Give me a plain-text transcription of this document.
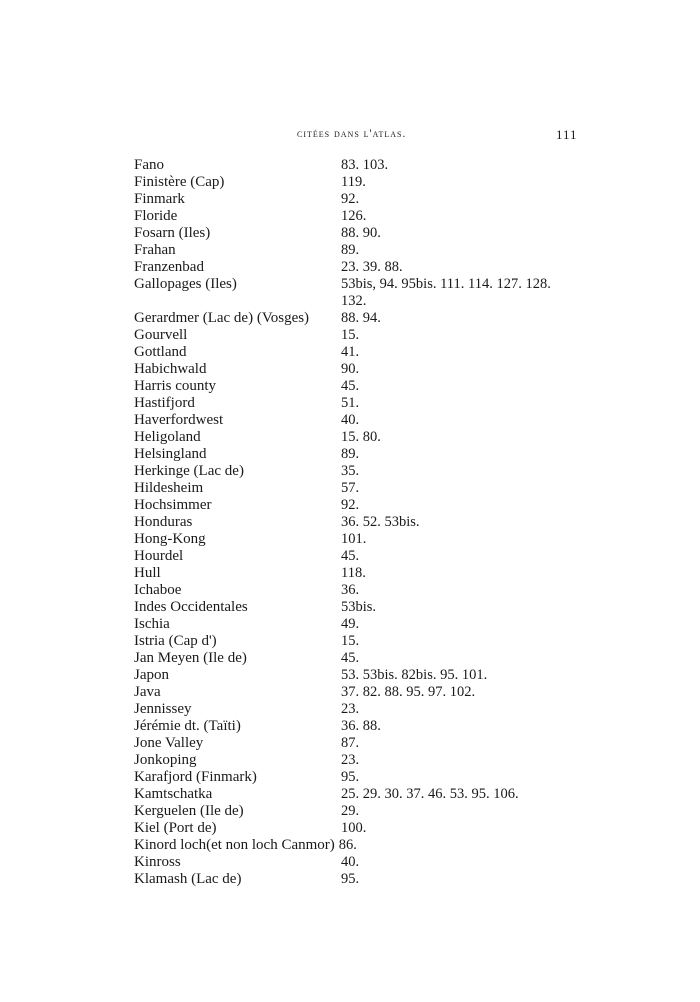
citées dans l'atlas.	111
Fano	83. 103.
Finistère (Cap)	119.
Finmark	92.
Floride	126.
Fosarn (Iles)	88. 90.
Frahan	89.
Franzenbad	23. 39. 88.
Gallopages (Iles)	53bis, 94. 95bis. 111. 114. 127. 128.
132.
Gerardmer (Lac de) (Vosges)	88. 94.
Gourvell	15.
Gottland	41.
Habichwald	90.
Harris county	45.
Hastifjord	51.
Haverfordwest	40.
Heligoland	15. 80.
Helsingland	89.
Herkinge (Lac de)	35.
Hildesheim	57.
Hochsimmer	92.
Honduras	36. 52. 53bis.
Hong-Kong	101.
Hourdel	45.
Hull	118.
Ichaboe	36.
Indes Occidentales	53bis.
Ischia	49.
Istria (Cap d')	15.
Jan Meyen (Ile de)	45.
Japon	53. 53bis. 82bis. 95. 101.
Java	37. 82. 88. 95. 97. 102.
Jennissey	23.
Jérémie dt. (Taïti)	36. 88.
Jone Valley	87.
Jonkoping	23.
Karafjord (Finmark)	95.
Kamtschatka	25. 29. 30. 37. 46. 53. 95. 106.
Kerguelen (Ile de)	29.
Kiel (Port de)	100.
Kinord loch(et non loch Canmor) 86.
Kinross	40.
Klamash (Lac de)	95.
